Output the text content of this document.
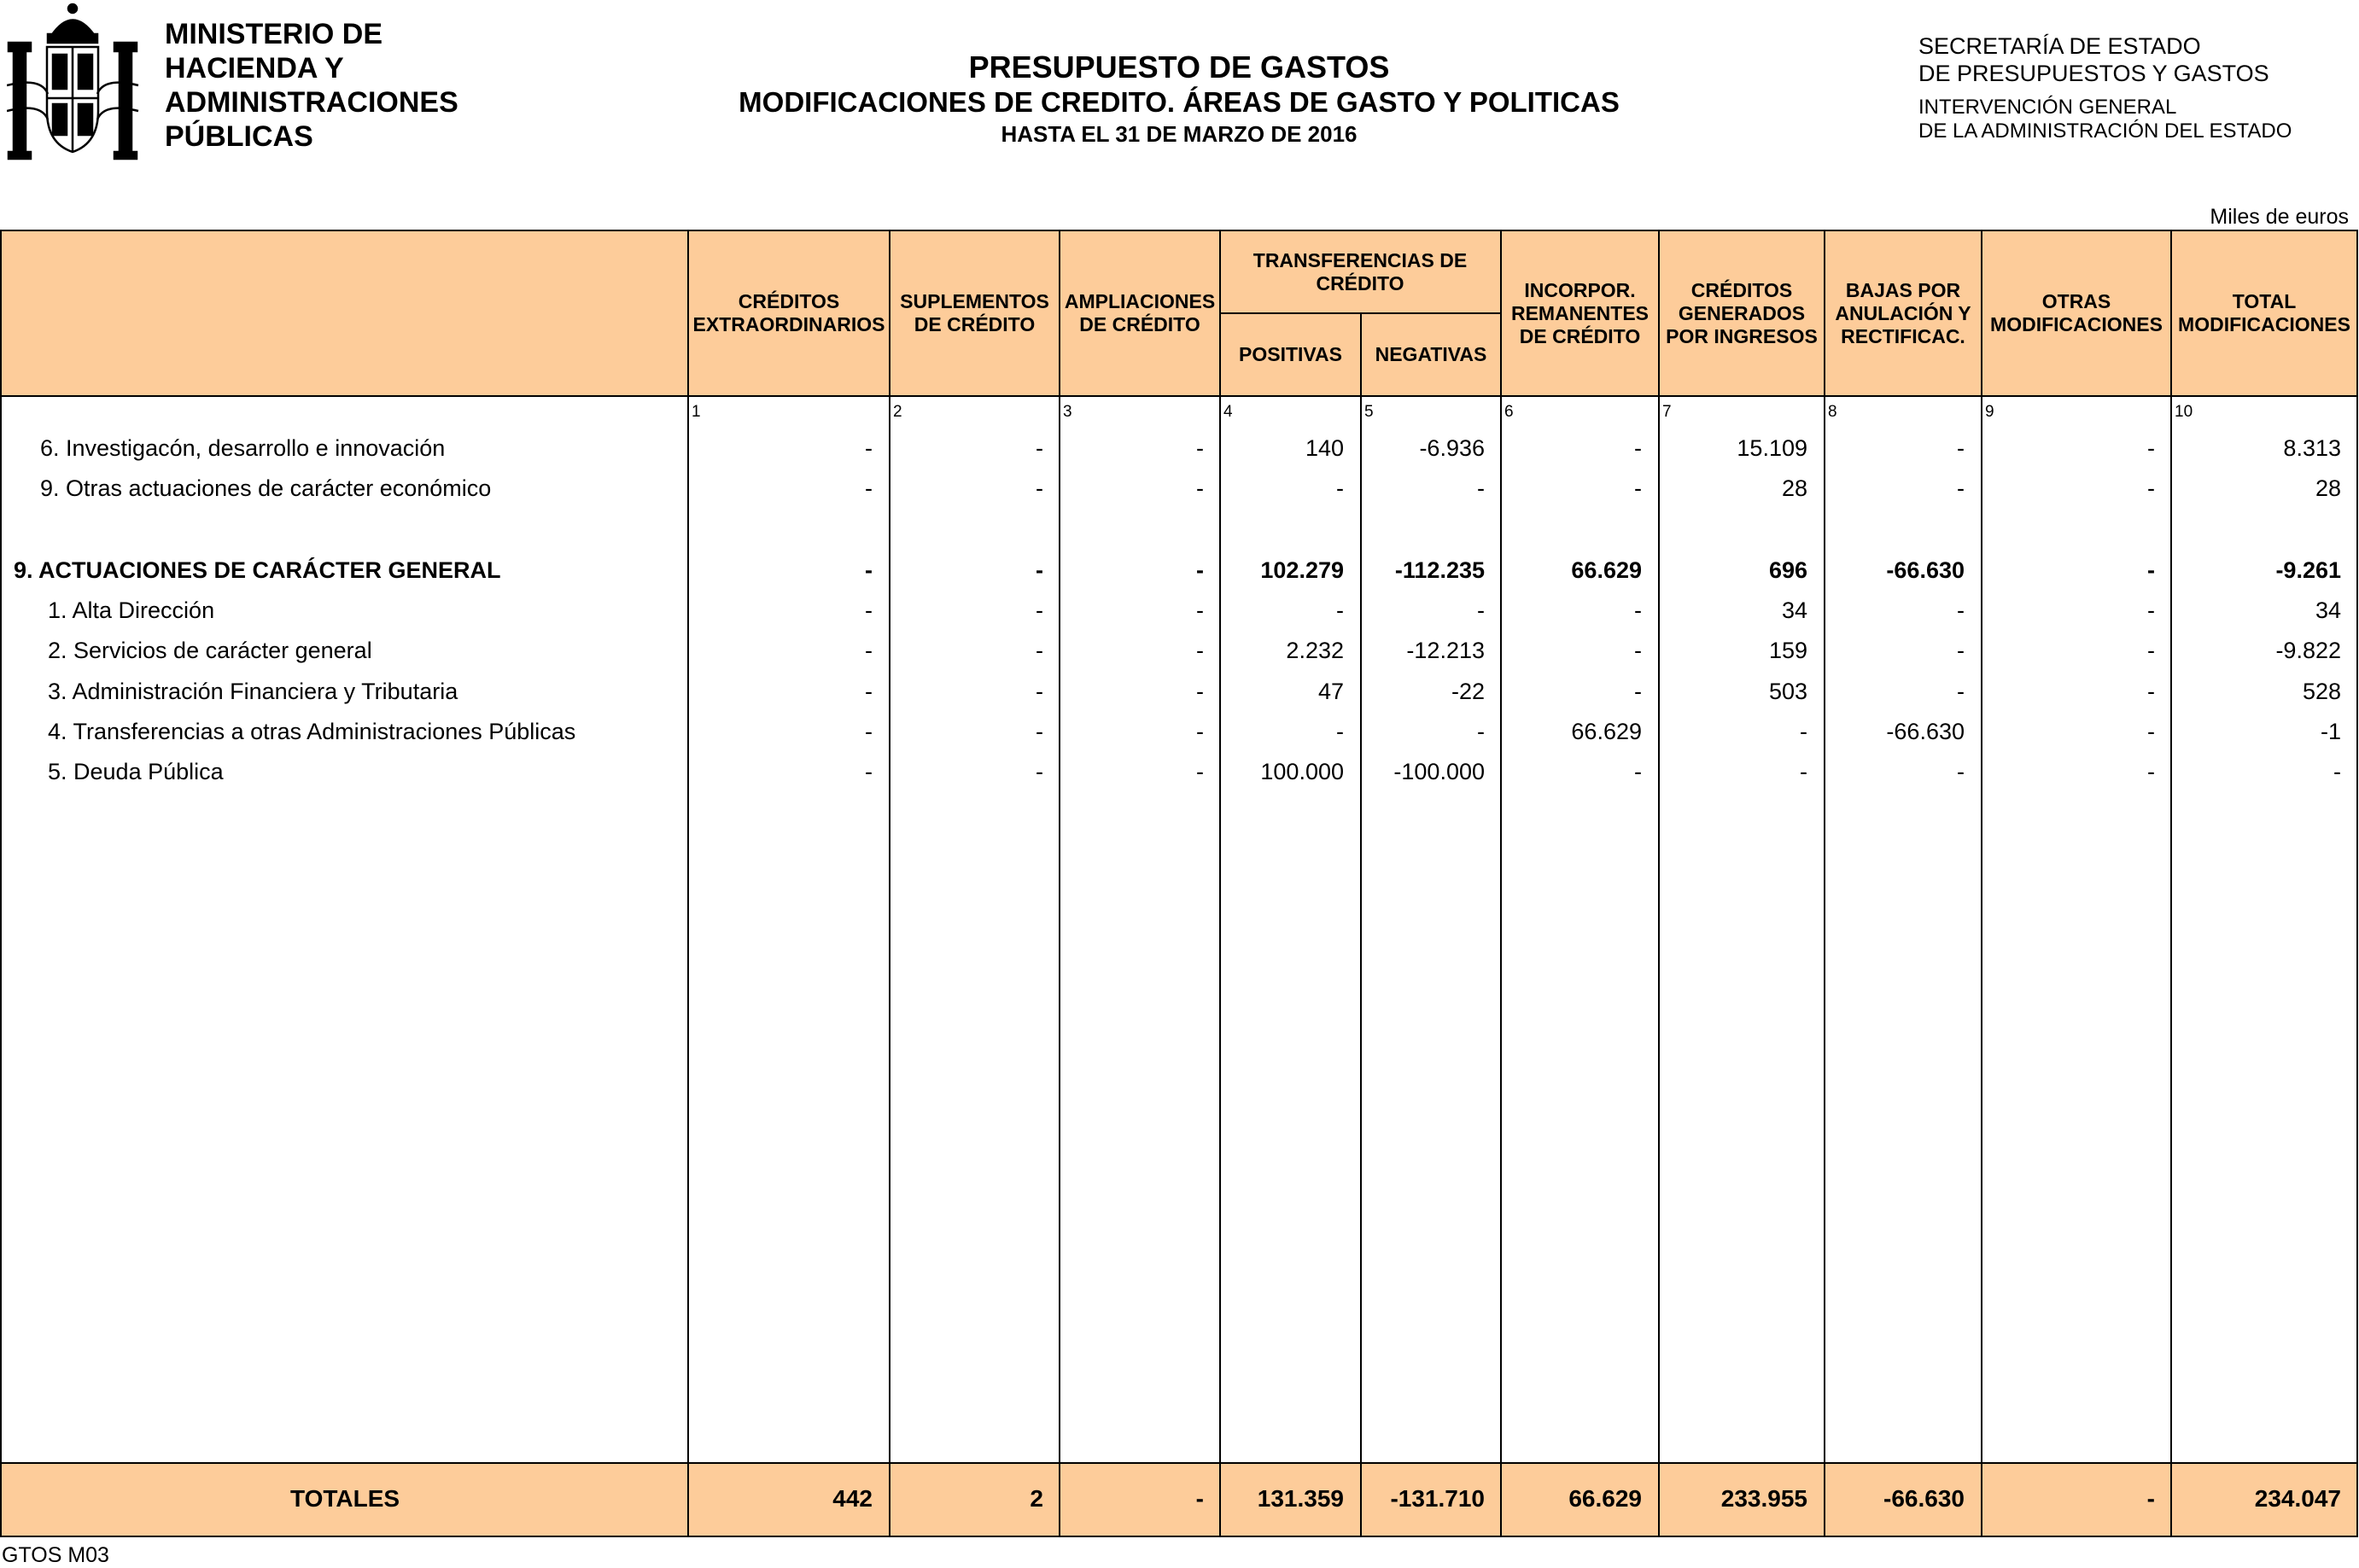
MINISTERIO DE
HACIENDA Y
ADMINISTRACIONES
PÚBLICAS
PRESUPUESTO DE GASTOS
MODIFICACIONES DE CREDITO. ÁREAS DE GASTO Y POLITICAS
HASTA EL 31 DE MARZO DE 2016
SECRETARÍA DE ESTADO
DE PRESUPUESTOS Y GASTOS
INTERVENCIÓN GENERAL
DE LA ADMINISTRACIÓN DEL ESTADO
Miles de euros
CRÉDITOS EXTRAORDINARIOS
SUPLEMENTOS DE CRÉDITO
AMPLIACIONES DE CRÉDITO
TRANSFERENCIAS DE CRÉDITO
POSITIVAS	NEGATIVAS
INCORPOR. REMANENTES DE CRÉDITO
CRÉDITOS GENERADOS POR INGRESOS
BAJAS POR ANULACIÓN Y RECTIFICAC.
OTRAS MODIFICACIONES
TOTAL MODIFICACIONES
1	2	3	4	5	6	7	8	9	10
6. Investigacón, desarrollo e innovación	-	-	-	140	-6.936	-	15.109	-	-	8.313
9. Otras actuaciones de carácter económico	-	-	-	-	-	-	28	-	-	28
9. ACTUACIONES DE CARÁCTER GENERAL	-	-	-	102.279	-112.235	66.629	696	-66.630	-	-9.261
1. Alta Dirección	-	-	-	-	-	-	34	-	-	34
2. Servicios de carácter general	-	-	-	2.232	-12.213	-	159	-	-	-9.822
3. Administración Financiera y Tributaria	-	-	-	47	-22	-	503	-	-	528
4. Transferencias a otras Administraciones Públicas	-	-	-	-	-	66.629	-	-66.630	-	-1
5. Deuda Pública	-	-	-	100.000	-100.000	-	-	-	-	-
TOTALES	442	2	-	131.359	-131.710	66.629	233.955	-66.630	-	234.047
GTOS M03
